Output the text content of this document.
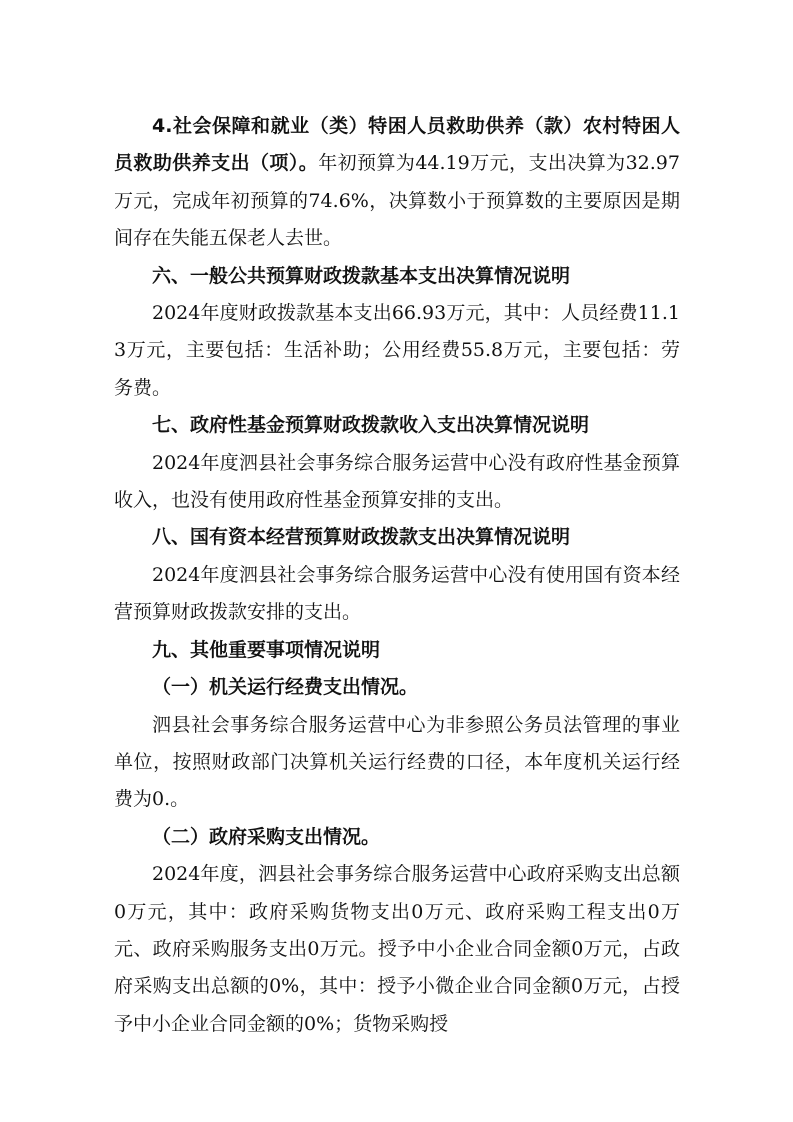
4.社会保障和就业（类）特困人员救助供养（款）农村特困人员救助供养支出（项）。年初预算为44.19万元，支出决算为32.97万元，完成年初预算的74.6%，决算数小于预算数的主要原因是期间存在失能五保老人去世。

六、一般公共预算财政拨款基本支出决算情况说明

2024年度财政拨款基本支出66.93万元，其中：人员经费11.13万元，主要包括：生活补助；公用经费55.8万元，主要包括：劳务费。

七、政府性基金预算财政拨款收入支出决算情况说明

2024年度泗县社会事务综合服务运营中心没有政府性基金预算收入，也没有使用政府性基金预算安排的支出。

八、国有资本经营预算财政拨款支出决算情况说明

2024年度泗县社会事务综合服务运营中心没有使用国有资本经营预算财政拨款安排的支出。

九、其他重要事项情况说明

（一）机关运行经费支出情况。

泗县社会事务综合服务运营中心为非参照公务员法管理的事业单位，按照财政部门决算机关运行经费的口径，本年度机关运行经费为0.。

（二）政府采购支出情况。

2024年度，泗县社会事务综合服务运营中心政府采购支出总额0万元，其中：政府采购货物支出0万元、政府采购工程支出0万元、政府采购服务支出0万元。授予中小企业合同金额0万元，占政府采购支出总额的0%，其中：授予小微企业合同金额0万元，占授予中小企业合同金额的0%；货物采购授
